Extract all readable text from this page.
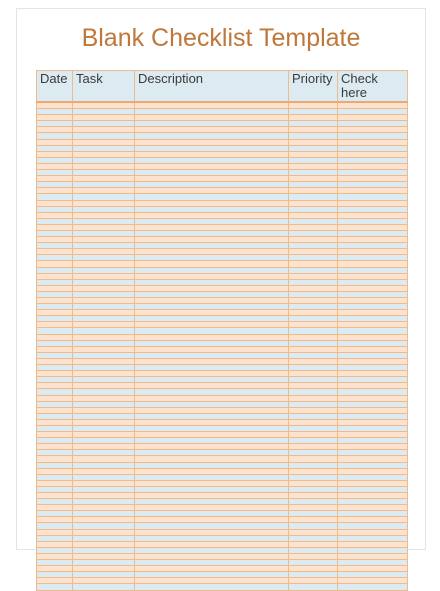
Blank Checklist Template
Date	Task	Description	Priority	Check here
